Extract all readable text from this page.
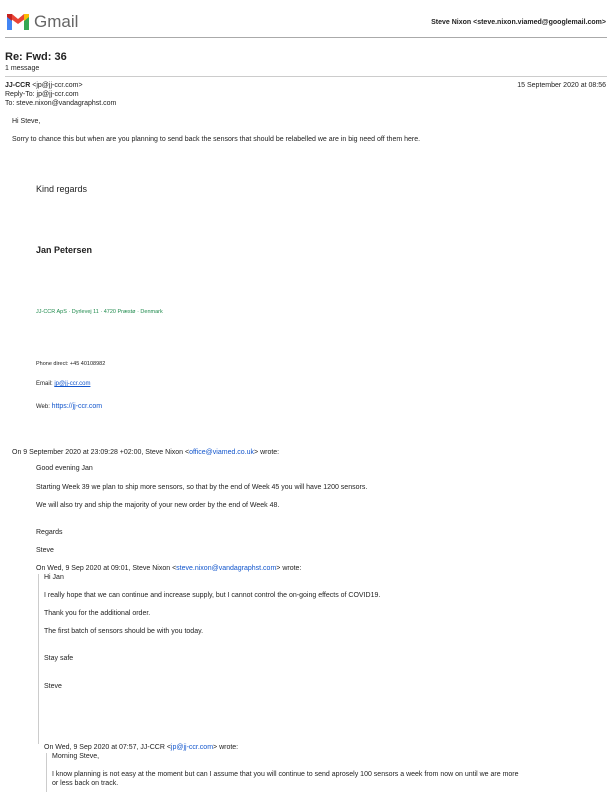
Gmail	Steve Nixon <steve.nixon.viamed@googlemail.com>
Re: Fwd: 36
1 message
JJ-CCR <jp@jj-ccr.com>	15 September 2020 at 08:56
Reply-To: jp@jj-ccr.com
To: steve.nixon@vandagraphst.com
Hi Steve,
Sorry to chance this but when are you planning to send back the sensors that should be relabelled we are in big need off them here.
Kind regards
Jan Petersen
JJ-CCR ApS · Dyrlevej 11 · 4720 Præstø · Denmark
Phone direct: +45 40108982
Email: jp@jj-ccr.com
Web: https://jj-ccr.com
On 9 September 2020 at 23:09:28 +02:00, Steve Nixon <office@viamed.co.uk> wrote:
Good evening Jan
Starting Week 39 we plan to ship more sensors, so that by the end of Week 45 you will have 1200 sensors.
We will also try and ship the majority of your new order by the end of Week 48.
Regards
Steve
On Wed, 9 Sep 2020 at 09:01, Steve Nixon <steve.nixon@vandagraphst.com> wrote:
Hi Jan
I really hope that we can continue and increase supply, but I cannot control the on-going effects of COVID19.
Thank you for the additional order.
The first batch of sensors should be with you today.
Stay safe
Steve
On Wed, 9 Sep 2020 at 07:57, JJ-CCR <jp@jj-ccr.com> wrote:
Morning Steve,
I know planning is not easy at the moment but can I assume that you will continue to send aprosely 100 sensors a week from now on until we are more
or less back on track.
